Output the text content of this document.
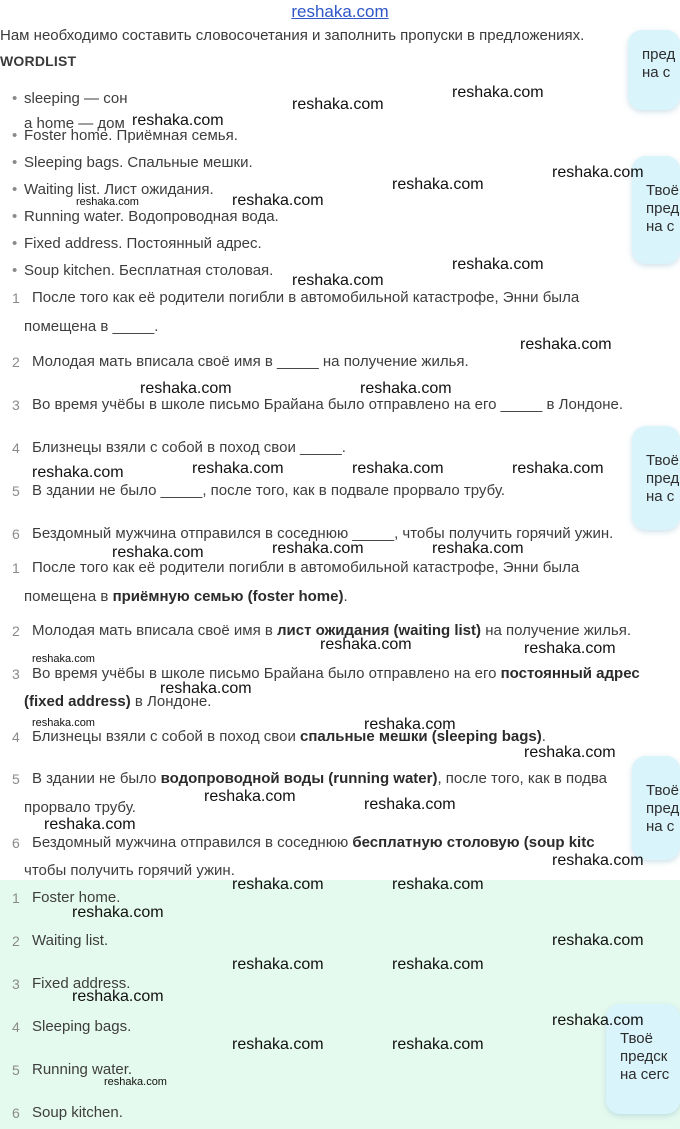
reshaka.com
Нам необходимо составить словосочетания и заполнить пропуски в предложениях.
WORDLIST
• sleeping — сон
a home — дом
• Foster home. Приёмная семья.
• Sleeping bags. Спальные мешки.
• Waiting list. Лист ожидания.
• Running water. Водопроводная вода.
• Fixed address. Постоянный адрес.
• Soup kitchen. Бесплатная столовая.
1 После того как её родители погибли в автомобильной катастрофе, Энни была
помещена в _____.
2 Молодая мать вписала своё имя в _____ на получение жилья.
3 Во время учёбы в школе письмо Брайана было отправлено на его _____ в Лондоне.
4 Близнецы взяли с собой в поход свои _____.
5 В здании не было _____, после того, как в подвале прорвало трубу.
6 Бездомный мужчина отправился в соседнюю _____, чтобы получить горячий ужин.
1 После того как её родители погибли в автомобильной катастрофе, Энни была
помещена в приёмную семью (foster home).
2 Молодая мать вписала своё имя в лист ожидания (waiting list) на получение жилья.
3 Во время учёбы в школе письмо Брайана было отправлено на его постоянный адрес
(fixed address) в Лондоне.
4 Близнецы взяли с собой в поход свои спальные мешки (sleeping bags).
5 В здании не было водопроводной воды (running water), после того, как в подва
прорвало трубу.
6 Бездомный мужчина отправился в соседнюю бесплатную столовую (soup kitc
чтобы получить горячий ужин.
1 Foster home.
2 Waiting list.
3 Fixed address.
4 Sleeping bags.
5 Running water.
6 Soup kitchen.
пред
на с
Твоё
пред
на с
Твоё
пред
на с
Твоё
пред
на с
Твоё
предск
на сегс
reshaka.com
reshaka.com
reshaka.com
reshaka.com
reshaka.com
reshaka.com
reshaka.com
reshaka.com
reshaka.com
reshaka.com
reshaka.com	reshaka.com
reshaka.com	reshaka.com	reshaka.com
reshaka.com
reshaka.com	reshaka.com
reshaka.com
reshaka.com	reshaka.com
reshaka.com
reshaka.com
reshaka.com	reshaka.com
reshaka.com
reshaka.com	reshaka.com
reshaka.com
reshaka.com
reshaka.com	reshaka.com
reshaka.com
reshaka.com
reshaka.com	reshaka.com
reshaka.com
reshaka.com
reshaka.com	reshaka.com
reshaka.com
